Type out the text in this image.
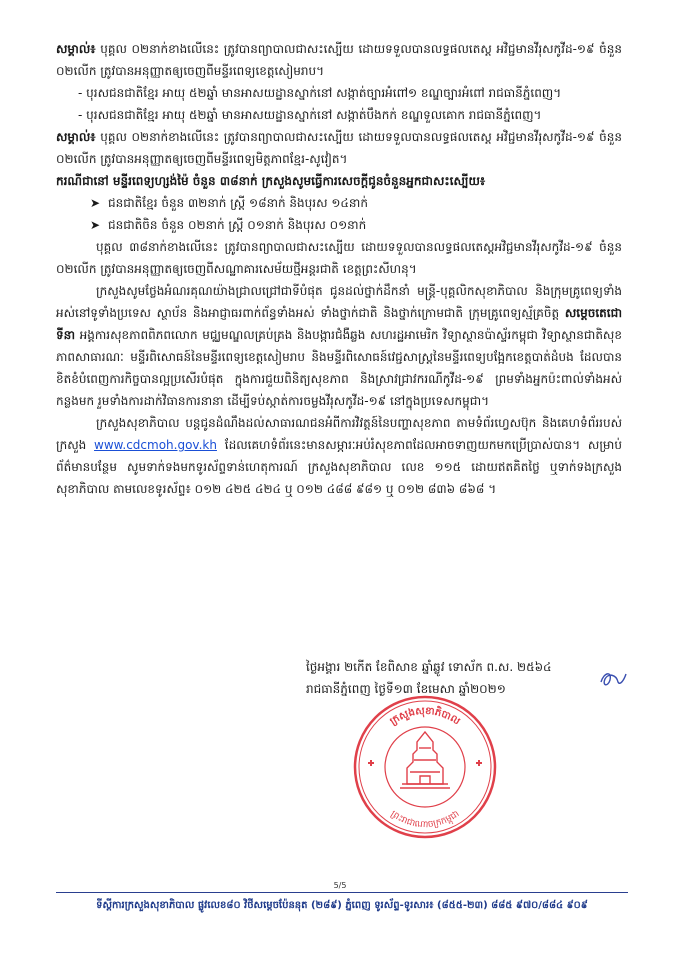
សម្គាល់៖ បុគ្គល ០២នាក់ខាងលើនេះ ត្រូវបានព្យាបាលជាសះស្បើយ ដោយទទួលបានលទ្ធផលតេស្ត អវិជ្ជមានវីរុសកូវីដ-១៩ ចំនួន ០២លើក ត្រូវបានអនុញ្ញាតឲ្យចេញពីមន្ទីរពេទ្យខេត្តសៀមរាប។

- បុរសជនជាតិខ្មែរ អាយុ ៥២ឆ្នាំ មានអាសយដ្ឋានស្នាក់នៅ សង្កាត់ច្បារអំពៅ១ ខណ្ឌច្បារអំពៅ រាជធានីភ្នំពេញ។

- បុរសជនជាតិខ្មែរ អាយុ ៥២ឆ្នាំ មានអាសយដ្ឋានស្នាក់នៅ សង្កាត់បឹងកក់ ខណ្ឌទួលគោក រាជធានីភ្នំពេញ។

សម្គាល់៖ បុគ្គល ០២នាក់ខាងលើនេះ ត្រូវបានព្យាបាលជាសះស្បើយ ដោយទទួលបានលទ្ធផលតេស្ត អវិជ្ជមានវីរុសកូវីដ-១៩ ចំនួន ០២លើក ត្រូវបានអនុញ្ញាតឲ្យចេញពីមន្ទីរពេទ្យមិត្តភាពខ្មែរ-សូវៀត។

ករណីជានៅ មន្ទីរពេទ្យហ្សង់ម៉ៃ ចំនួន ៣៨នាក់ ក្រសួងសូមធ្វើការសេចក្តីជូនចំនួនអ្នកជាសះស្បើយ៖

➤ ជនជាតិខ្មែរ ចំនួន ៣២នាក់ ស្ត្រី ១៨នាក់ និងបុរស ១៤នាក់

➤ ជនជាតិចិន ចំនួន ០២នាក់ ស្ត្រី ០១នាក់ និងបុរស ០១នាក់

បុគ្គល ៣៨នាក់ខាងលើនេះ ត្រូវបានព្យាបាលជាសះស្បើយ ដោយទទួលបានលទ្ធផលតេស្តអវិជ្ជមានវីរុសកូវីដ-១៩ ចំនួន ០២លើក ត្រូវបានអនុញ្ញាតឲ្យចេញពីសណ្ឋាគារសេម័យថ្មីអន្តរជាតិ ខេត្តព្រះសីហនុ។

ក្រសួងសូមថ្លែងអំណរគុណយ៉ាងជ្រាលជ្រៅជាទីបំផុត ជូនដល់ថ្នាក់ដឹកនាំ មន្ត្រី-បុគ្គលិកសុខាភិបាល និងក្រុមគ្រូពេទ្យទាំងអស់នៅទូទាំងប្រទេស ស្ថាប័ន និងអាជ្ញាធរពាក់ព័ន្ធទាំងអស់ ទាំងថ្នាក់ជាតិ និងថ្នាក់ក្រោមជាតិ ក្រុមគ្រូពេទ្យស្ម័គ្រចិត្ត សម្តេចតេជោ ទីនា អង្គការសុខភាពពិភពលោក មជ្ឈមណ្ឌលគ្រប់គ្រង និងបង្ការជំងឺឆ្លង សហរដ្ឋអាមេរិក វិទ្យាស្ថានប៉ាស្ទ័រកម្ពុជា វិទ្យាស្ថានជាតិសុខភាពសាធារណៈ មន្ទីរពិសោធន៍នៃមន្ទីរពេទ្យខេត្តសៀមរាប និងមន្ទីរពិសោធន៍វេជ្ជសាស្ត្រនៃមន្ទីរពេទ្យបង្អែកខេត្តបាត់ដំបង ដែលបានខិតខំបំពេញការកិច្ចបានល្អប្រសើរបំផុត ក្នុងការជួយពិនិត្យសុខភាព និងស្រាវជ្រាវករណីកូវីដ-១៩ ព្រមទាំងអ្នកប៉ះពាល់ទាំងអស់កន្លងមក រួមទាំងការដាក់វិធានការនានា ដើម្បីទប់ស្កាត់ការចម្លងវីរុសកូវីដ-១៩ នៅក្នុងប្រទេសកម្ពុជា។

ក្រសួងសុខាភិបាល បន្តជូនដំណឹងដល់សាធារណជនអំពីការវិវត្តន៍នៃបញ្ហាសុខភាព តាមទំព័រហ្វេសប៊ុក និងគេហទំព័ររបស់ក្រសួង www.cdcmoh.gov.kh ដែលគេហទំព័រនេះមានសម្ភារៈអប់រំសុខភាពដែលអាចទាញយកមកប្រើប្រាស់បាន។ សម្រាប់ព័ត៌មានបន្ថែម សូមទាក់ទងមកទូរស័ព្ទទាន់ហេតុការណ៍ ក្រសួងសុខាភិបាល លេខ ១១៥ ដោយឥតគិតថ្លៃ ឬទាក់ទងក្រសួងសុខាភិបាល តាមលេខទូរស័ព្ទ៖ ០១២ ៤២៥ ៤២៤ ឬ ០១២ ៤៨៨ ៩៨១ ឬ ០១២ ៨៣៦ ៨៦៨ ។

ថ្ងៃអង្គារ ២កើត ខែពិសាខ ឆ្នាំឆ្លូវ ទោស័ក ព.ស. ២៥៦៤

រាជធានីភ្នំពេញ ថ្ងៃទី១៣ ខែមេសា ឆ្នាំ២០២១

ក្រសួងសុខាភិបាល
ព្រះរាជាណាចក្រកម្ពុជា
5/5
ទីស្តីការក្រសួងសុខាភិបាល ផ្លូវលេខ៨០ វិថីសម្តេចប៉ែននុត (២៨៩) ភ្នំពេញ ទូរស័ព្ទ-ទូរសារ៖ (៨៥៥-២៣) ៨៨៥ ៩៧០/៨៨៤ ៩០៩
